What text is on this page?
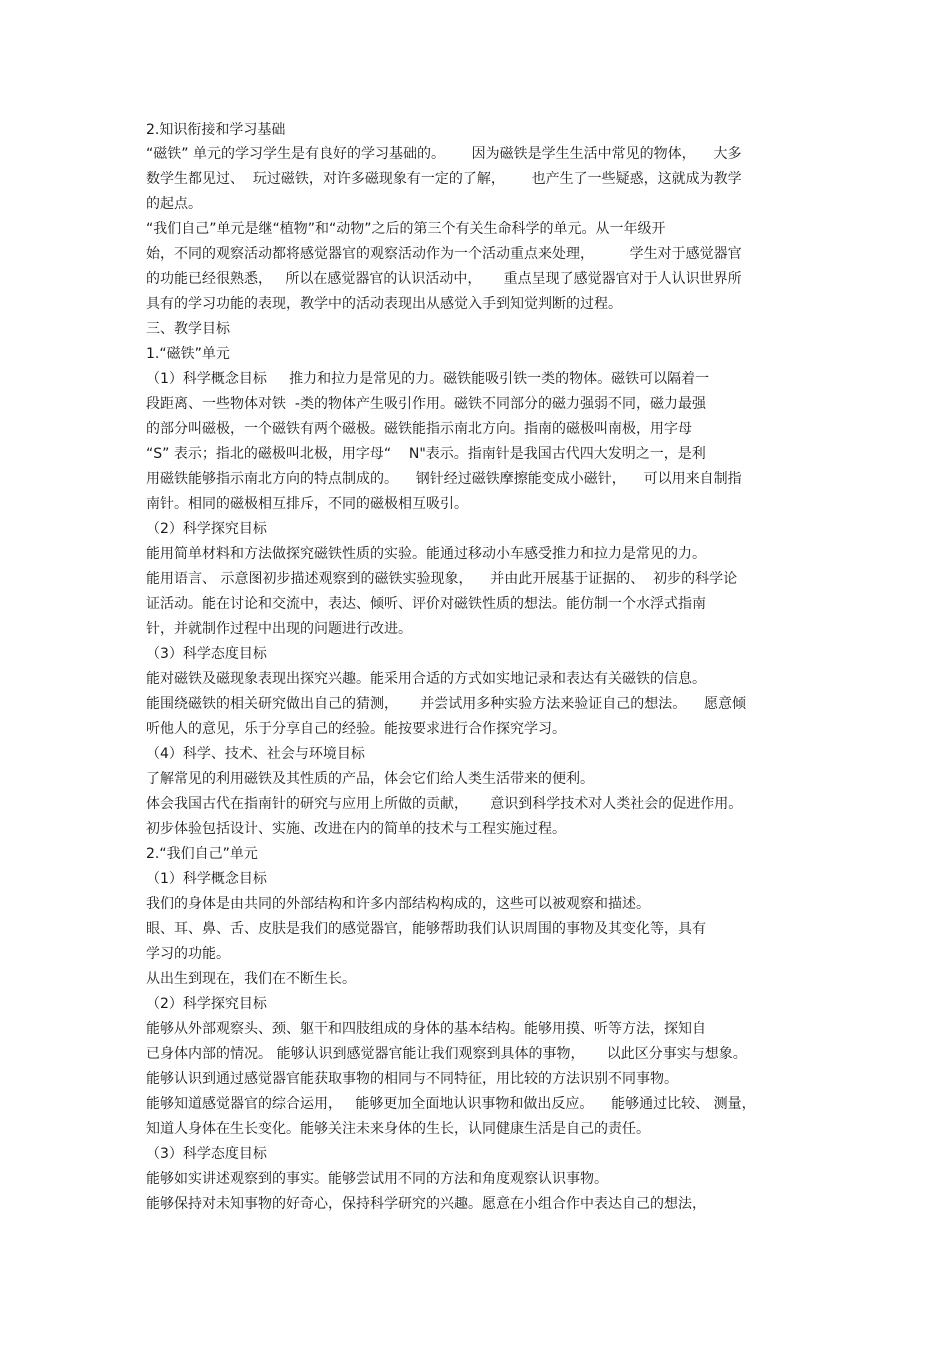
2.知识衔接和学习基础
“磁铁” 单元的学习学生是有良好的学习基础的。      因为磁铁是学生生活中常见的物体，    大多
数学生都见过、  玩过磁铁，对许多磁现象有一定的了解，      也产生了一些疑惑，这就成为教学
的起点。
“我们自己”单元是继“植物”和“动物”之后的第三个有关生命科学的单元。从一年级开
始，不同的观察活动都将感觉器官的观察活动作为一个活动重点来处理，        学生对于感觉器官
的功能已经很熟悉，   所以在感觉器官的认识活动中，     重点呈现了感觉器官对于人认识世界所
具有的学习功能的表现，教学中的活动表现出从感觉入手到知觉判断的过程。
三、教学目标
1.“磁铁”单元
（1）科学概念目标     推力和拉力是常见的力。磁铁能吸引铁一类的物体。磁铁可以隔着一
段距离、一些物体对铁  -类的物体产生吸引作用。磁铁不同部分的磁力强弱不同，磁力最强
的部分叫磁极，一个磁铁有两个磁极。磁铁能指示南北方向。指南的磁极叫南极，用字母
“S” 表示；指北的磁极叫北极，用字母“    N"表示。指南针是我国古代四大发明之一，是利
用磁铁能够指示南北方向的特点制成的。    钢针经过磁铁摩擦能变成小磁针，    可以用来自制指
南针。相同的磁极相互排斥，不同的磁极相互吸引。
（2）科学探究目标
能用简单材料和方法做探究磁铁性质的实验。能通过移动小车感受推力和拉力是常见的力。
能用语言、 示意图初步描述观察到的磁铁实验现象，    并由此开展基于证据的、  初步的科学论
证活动。能在讨论和交流中，表达、倾听、评价对磁铁性质的想法。能仿制一个水浮式指南
针，并就制作过程中出现的问题进行改进。
（3）科学态度目标
能对磁铁及磁现象表现出探究兴趣。能采用合适的方式如实地记录和表达有关磁铁的信息。
能围绕磁铁的相关研究做出自己的猜测，     并尝试用多种实验方法来验证自己的想法。    愿意倾
听他人的意见，乐于分享自己的经验。能按要求进行合作探究学习。
（4）科学、技术、社会与环境目标
了解常见的利用磁铁及其性质的产品，体会它们给人类生活带来的便利。
体会我国古代在指南针的研究与应用上所做的贡献，     意识到科学技术对人类社会的促进作用。
初步体验包括设计、实施、改进在内的简单的技术与工程实施过程。
2.“我们自己”单元
（1）科学概念目标
我们的身体是由共同的外部结构和许多内部结构构成的，这些可以被观察和描述。
眼、耳、鼻、舌、皮肤是我们的感觉器官，能够帮助我们认识周围的事物及其变化等，具有
学习的功能。
从出生到现在，我们在不断生长。
（2）科学探究目标
能够从外部观察头、颈、躯干和四肢组成的身体的基本结构。能够用摸、听等方法，探知自
已身体内部的情况。 能够认识到感觉器官能让我们观察到具体的事物，     以此区分事实与想象。
能够认识到通过感觉器官能获取事物的相同与不同特征，用比较的方法识别不同事物。
能够知道感觉器官的综合运用，   能够更加全面地认识事物和做出反应。    能够通过比较、 测量，
知道人身体在生长变化。能够关注未来身体的生长，认同健康生活是自己的责任。
（3）科学态度目标
能够如实讲述观察到的事实。能够尝试用不同的方法和角度观察认识事物。
能够保持对未知事物的好奇心，保持科学研究的兴趣。愿意在小组合作中表达自己的想法，
